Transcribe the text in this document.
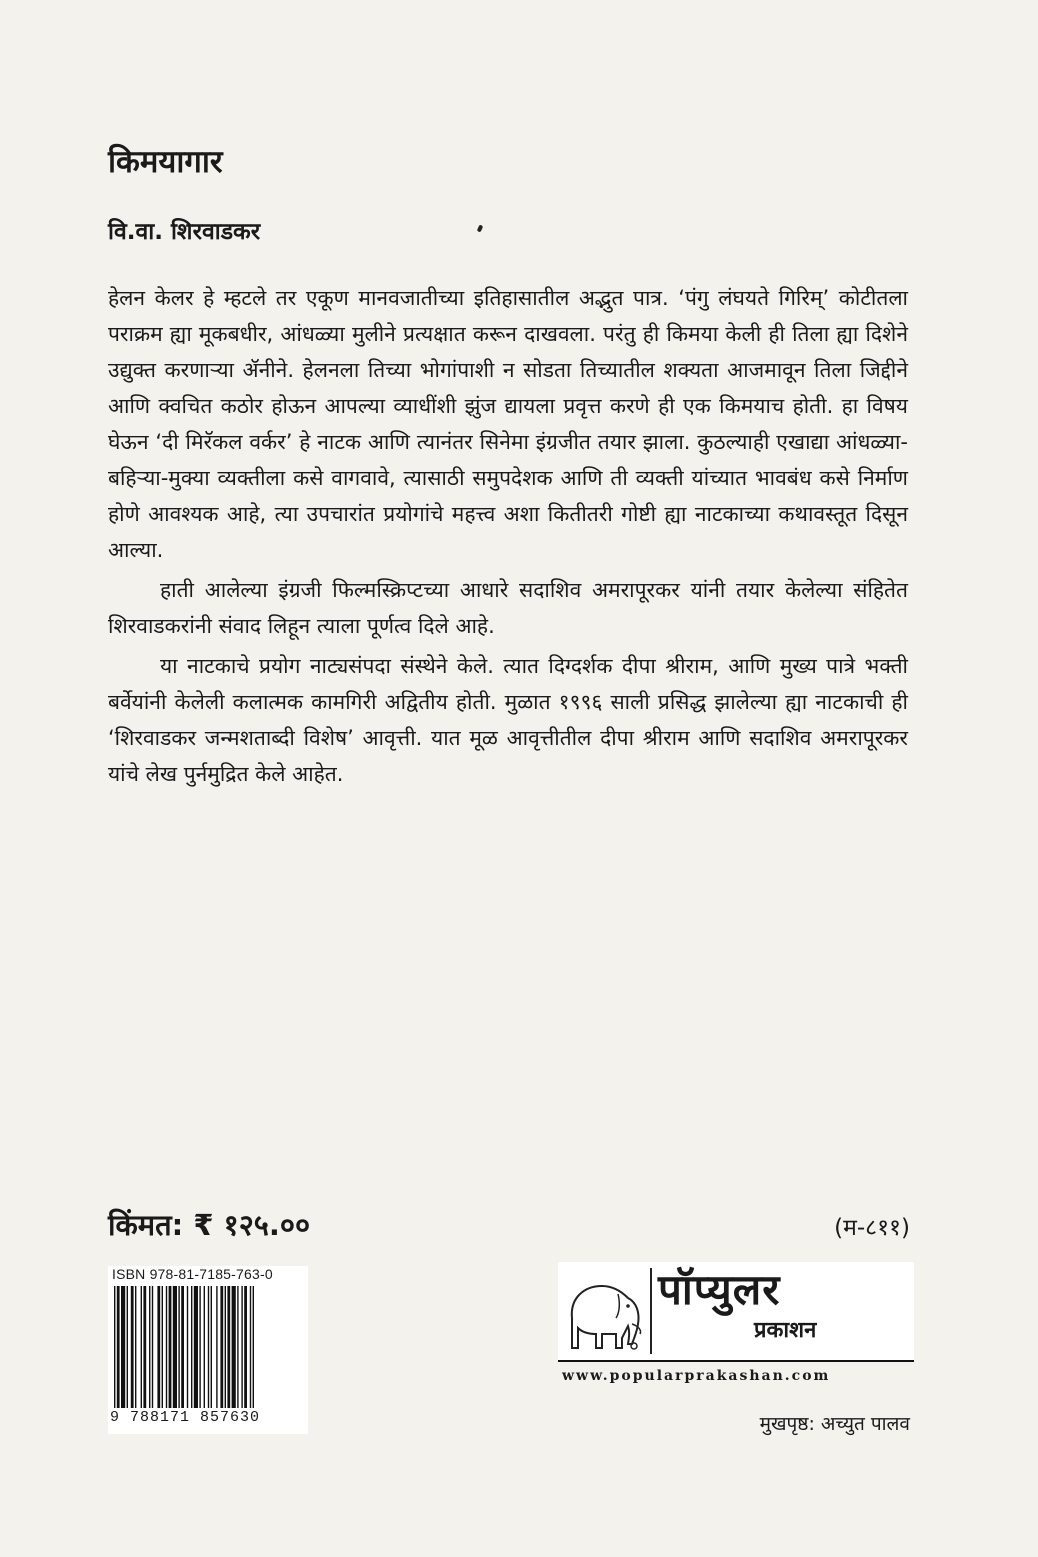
किमयागार
वि.वा. शिरवाडकर

हेलन केलर हे म्हटले तर एकूण मानवजातीच्या इतिहासातील अद्भुत पात्र. ‘पंगु लंघयते गिरिम्’ कोटीतला पराक्रम ह्या मूकबधीर, आंधळ्या मुलीने प्रत्यक्षात करून दाखवला. परंतु ही किमया केली ही तिला ह्या दिशेने उद्युक्त करणाऱ्या ॲनीने. हेलनला तिच्या भोगांपाशी न सोडता तिच्यातील शक्यता आजमावून तिला जिद्दीने आणि क्वचित कठोर होऊन आपल्या व्याधींशी झुंज द्यायला प्रवृत्त करणे ही एक किमयाच होती. हा विषय घेऊन ‘दी मिरॅकल वर्कर’ हे नाटक आणि त्यानंतर सिनेमा इंग्रजीत तयार झाला. कुठल्याही एखाद्या आंधळ्या-बहिऱ्या-मुक्या व्यक्तीला कसे वागवावे, त्यासाठी समुपदेशक आणि ती व्यक्ती यांच्यात भावबंध कसे निर्माण होणे आवश्यक आहे, त्या उपचारांत प्रयोगांचे महत्त्व अशा कितीतरी गोष्टी ह्या नाटकाच्या कथावस्तूत दिसून आल्या.

हाती आलेल्या इंग्रजी फिल्मस्क्रिप्टच्या आधारे सदाशिव अमरापूरकर यांनी तयार केलेल्या संहितेत शिरवाडकरांनी संवाद लिहून त्याला पूर्णत्व दिले आहे.

या नाटकाचे प्रयोग नाट्यसंपदा संस्थेने केले. त्यात दिग्दर्शक दीपा श्रीराम, आणि मुख्य पात्रे भक्ती बर्वेयांनी केलेली कलात्मक कामगिरी अद्वितीय होती. मुळात १९९६ साली प्रसिद्ध झालेल्या ह्या नाटकाची ही ‘शिरवाडकर जन्मशताब्दी विशेष’ आवृत्ती. यात मूळ आवृत्तीतील दीपा श्रीराम आणि सदाशिव अमरापूरकर यांचे लेख पुर्नमुद्रित केले आहेत.

किंमत: ₹ १२५.००	(म-८११)
ISBN 978-81-7185-763-0
9 788171 857630
पॉप्युलर
प्रकाशन
www.popularprakashan.com
मुखपृष्ठ: अच्युत पालव
